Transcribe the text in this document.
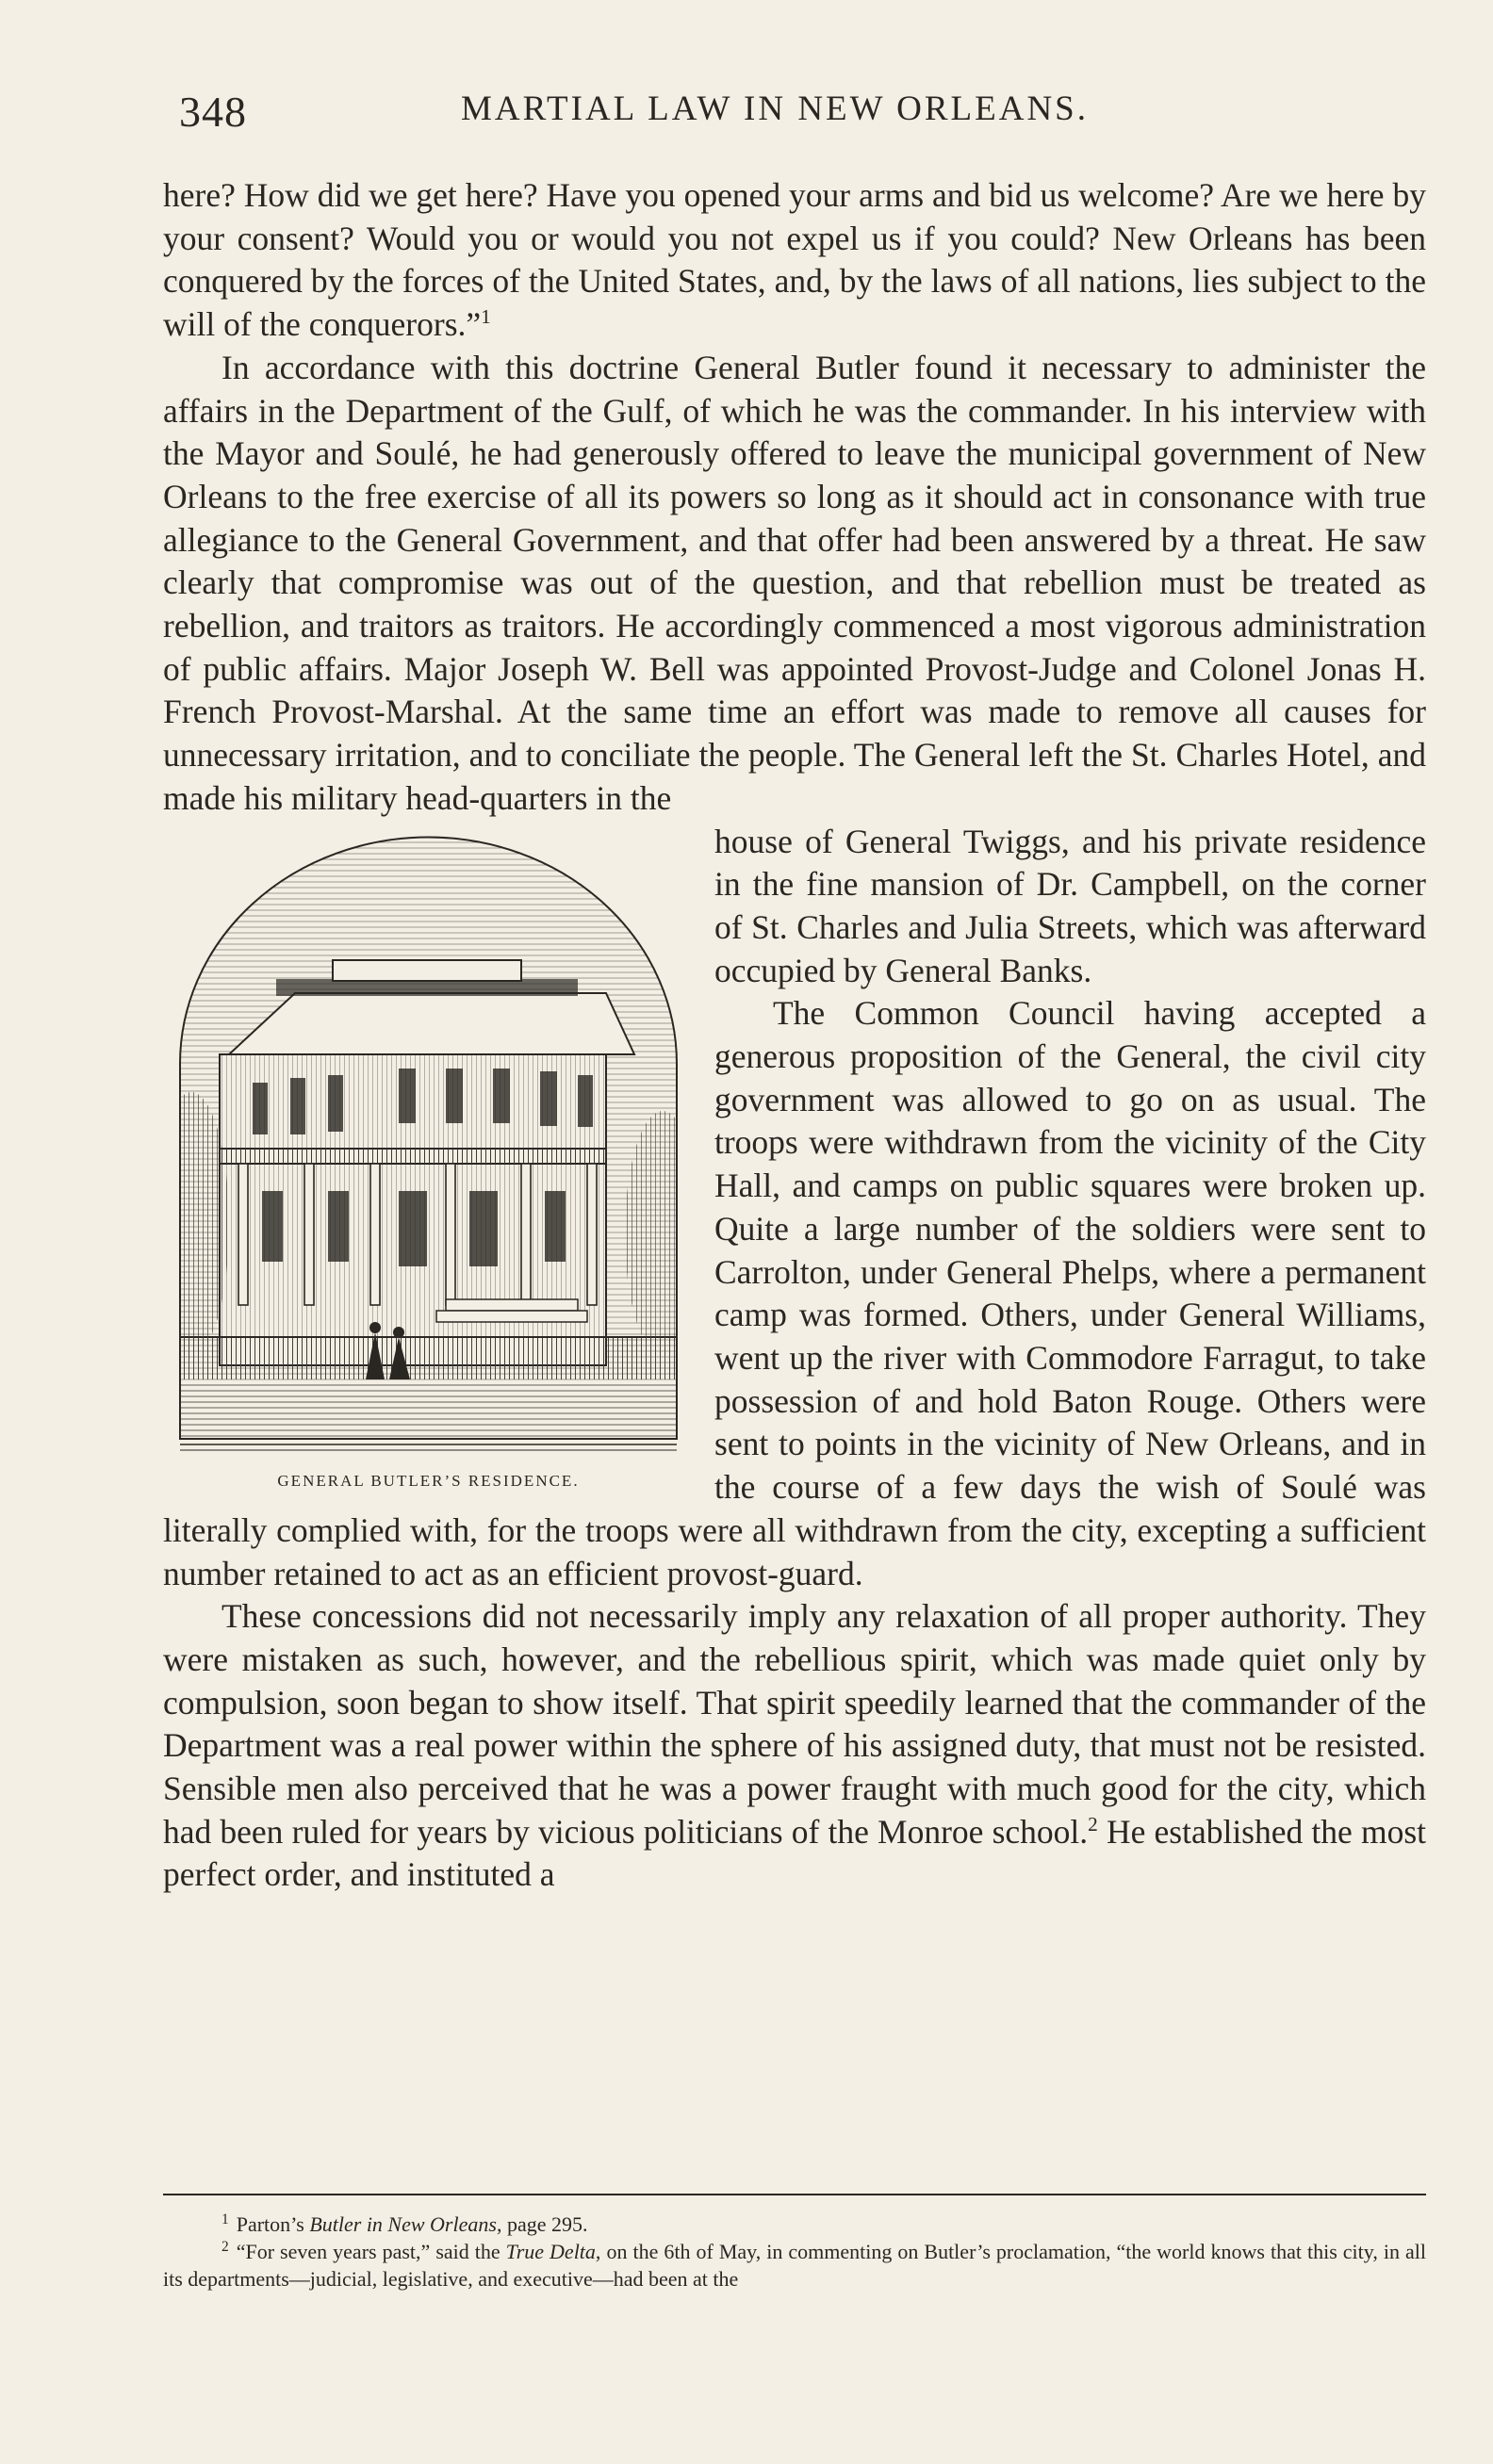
348	MARTIAL LAW IN NEW ORLEANS.

here? How did we get here? Have you opened your arms and bid us welcome? Are we here by your consent? Would you or would you not expel us if you could? New Orleans has been conquered by the forces of the United States, and, by the laws of all nations, lies subject to the will of the conquerors.”$^1$

In accordance with this doctrine General Butler found it necessary to administer the affairs in the Department of the Gulf, of which he was the commander. In his interview with the Mayor and Soulé, he had generously offered to leave the municipal government of New Orleans to the free exercise of all its powers so long as it should act in consonance with true allegiance to the General Government, and that offer had been answered by a threat. He saw clearly that compromise was out of the question, and that rebellion must be treated as rebellion, and traitors as traitors. He accordingly commenced a most vigorous administration of public affairs. Major Joseph W. Bell was appointed Provost-Judge and Colonel Jonas H. French Provost-Marshal. At the same time an effort was made to remove all causes for unnecessary irritation, and to conciliate the people. The General left the St. Charles Hotel, and made his military head-quarters in the

GENERAL BUTLER’S RESIDENCE.

house of General Twiggs, and his private residence in the fine mansion of Dr. Campbell, on the corner of St. Charles and Julia Streets, which was afterward occupied by General Banks.

The Common Council having accepted a generous proposition of the General, the civil city government was allowed to go on as usual. The troops were withdrawn from the vicinity of the City Hall, and camps on public squares were broken up. Quite a large number of the soldiers were sent to Carrolton, under General Phelps, where a permanent camp was formed. Others, under General Williams, went up the river with Commodore Farragut, to take possession of and hold Baton Rouge. Others were sent to points in the vicinity of New Orleans, and in the course of a few days the wish of Soulé was literally complied with, for the troops were all withdrawn from the city, excepting a sufficient number retained to act as an efficient provost-guard.

These concessions did not necessarily imply any relaxation of all proper authority. They were mistaken as such, however, and the rebellious spirit, which was made quiet only by compulsion, soon began to show itself. That spirit speedily learned that the commander of the Department was a real power within the sphere of his assigned duty, that must not be resisted. Sensible men also perceived that he was a power fraught with much good for the city, which had been ruled for years by vicious politicians of the Monroe school.$^2$ He established the most perfect order, and instituted a

$^1$ Parton’s Butler in New Orleans, page 295.

$^2$ “For seven years past,” said the True Delta, on the 6th of May, in commenting on Butler’s proclamation, “the world knows that this city, in all its departments—judicial, legislative, and executive—had been at the
